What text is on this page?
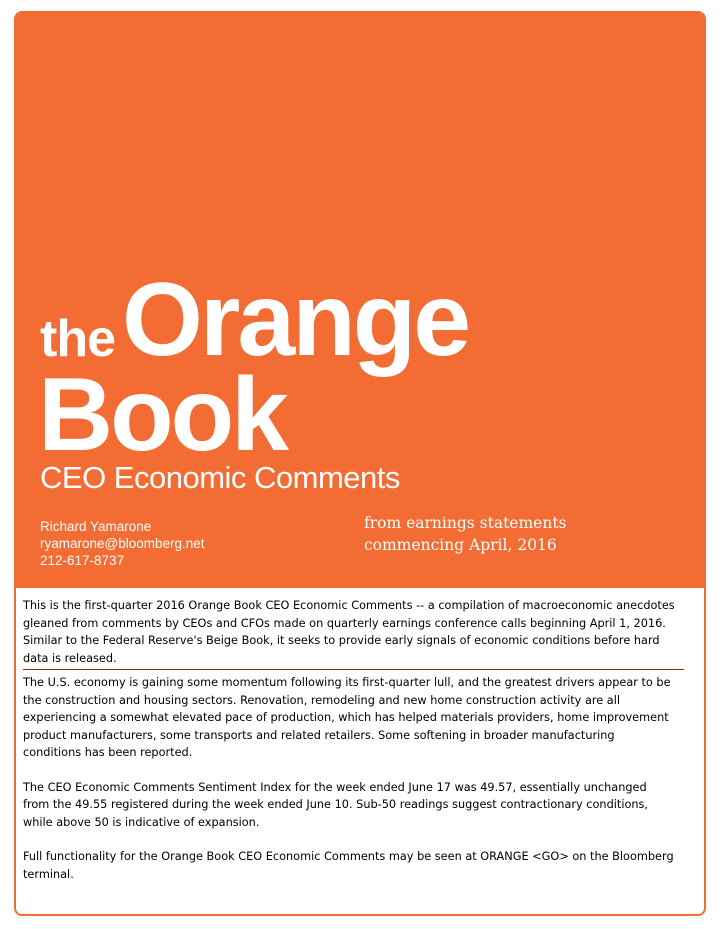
the Orange
Book
CEO Economic Comments
Richard Yamarone
ryamarone@bloomberg.net
212-617-8737
from earnings statements
commencing April, 2016

This is the first-quarter 2016 Orange Book CEO Economic Comments -- a compilation of macroeconomic anecdotes gleaned from comments by CEOs and CFOs made on quarterly earnings conference calls beginning April 1, 2016. Similar to the Federal Reserve's Beige Book, it seeks to provide early signals of economic conditions before hard data is released.

The U.S. economy is gaining some momentum following its first-quarter lull, and the greatest drivers appear to be the construction and housing sectors. Renovation, remodeling and new home construction activity are all experiencing a somewhat elevated pace of production, which has helped materials providers, home improvement product manufacturers, some transports and related retailers. Some softening in broader manufacturing conditions has been reported.

The CEO Economic Comments Sentiment Index for the week ended June 17 was 49.57, essentially unchanged from the 49.55 registered during the week ended June 10. Sub-50 readings suggest contractionary conditions, while above 50 is indicative of expansion.

Full functionality for the Orange Book CEO Economic Comments may be seen at ORANGE <GO> on the Bloomberg terminal.
